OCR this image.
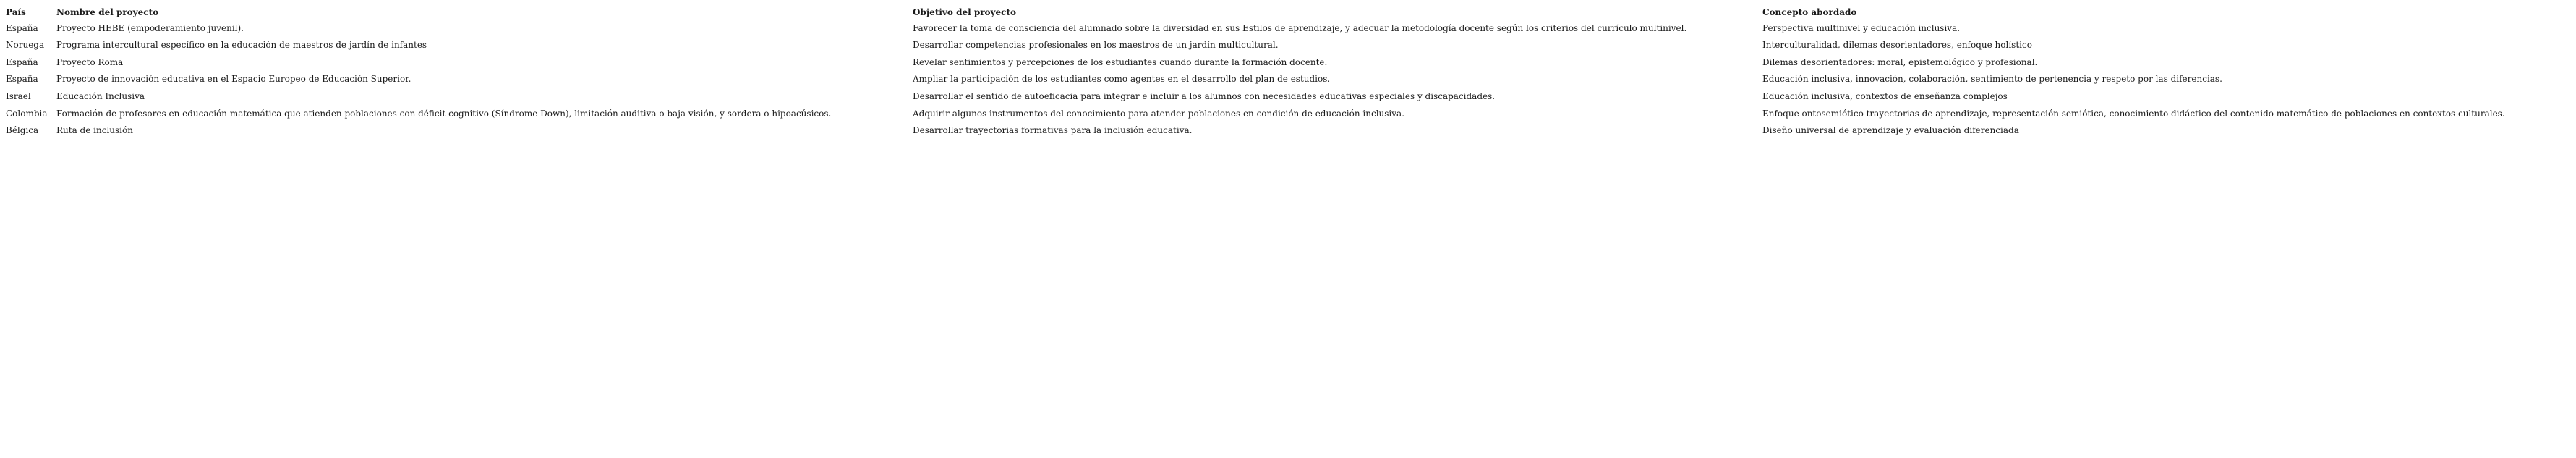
País	Nombre del proyecto	Objetivo del proyecto	Concepto abordado
España	Proyecto HEBE (empoderamiento juvenil).	Favorecer la toma de consciencia del alumnado sobre la diversidad en sus Estilos de aprendizaje, y adecuar la metodología docente según los criterios del currículo multinivel.	Perspectiva multinivel y educación inclusiva.
Noruega	Programa intercultural específico en la educación de maestros de jardín de infantes	Desarrollar competencias profesionales en los maestros de un jardín multicultural.	Interculturalidad, dilemas desorientadores, enfoque holístico
España	Proyecto Roma	Revelar sentimientos y percepciones de los estudiantes cuando durante la formación docente.	Dilemas desorientadores: moral, epistemológico y profesional.
España	Proyecto de innovación educativa en el Espacio Europeo de Educación Superior.	Ampliar la participación de los estudiantes como agentes en el desarrollo del plan de estudios.	Educación inclusiva, innovación, colaboración, sentimiento de pertenencia y respeto por las diferencias.
Israel	Educación Inclusiva	Desarrollar el sentido de autoeficacia para integrar e incluir a los alumnos con necesidades educativas especiales y discapacidades.	Educación inclusiva, contextos de enseñanza complejos
Colombia	Formación de profesores en educación matemática que atienden poblaciones con déficit cognitivo (Síndrome Down), limitación auditiva o baja visión, y sordera o hipoacúsicos.	Adquirir algunos instrumentos del conocimiento para atender poblaciones en condición de educación inclusiva.	Enfoque ontosemiótico trayectorias de aprendizaje, representación semiótica, conocimiento didáctico del contenido matemático de poblaciones en contextos culturales.
Bélgica	Ruta de inclusión	Desarrollar trayectorias formativas para la inclusión educativa.	Diseño universal de aprendizaje y evaluación diferenciada
